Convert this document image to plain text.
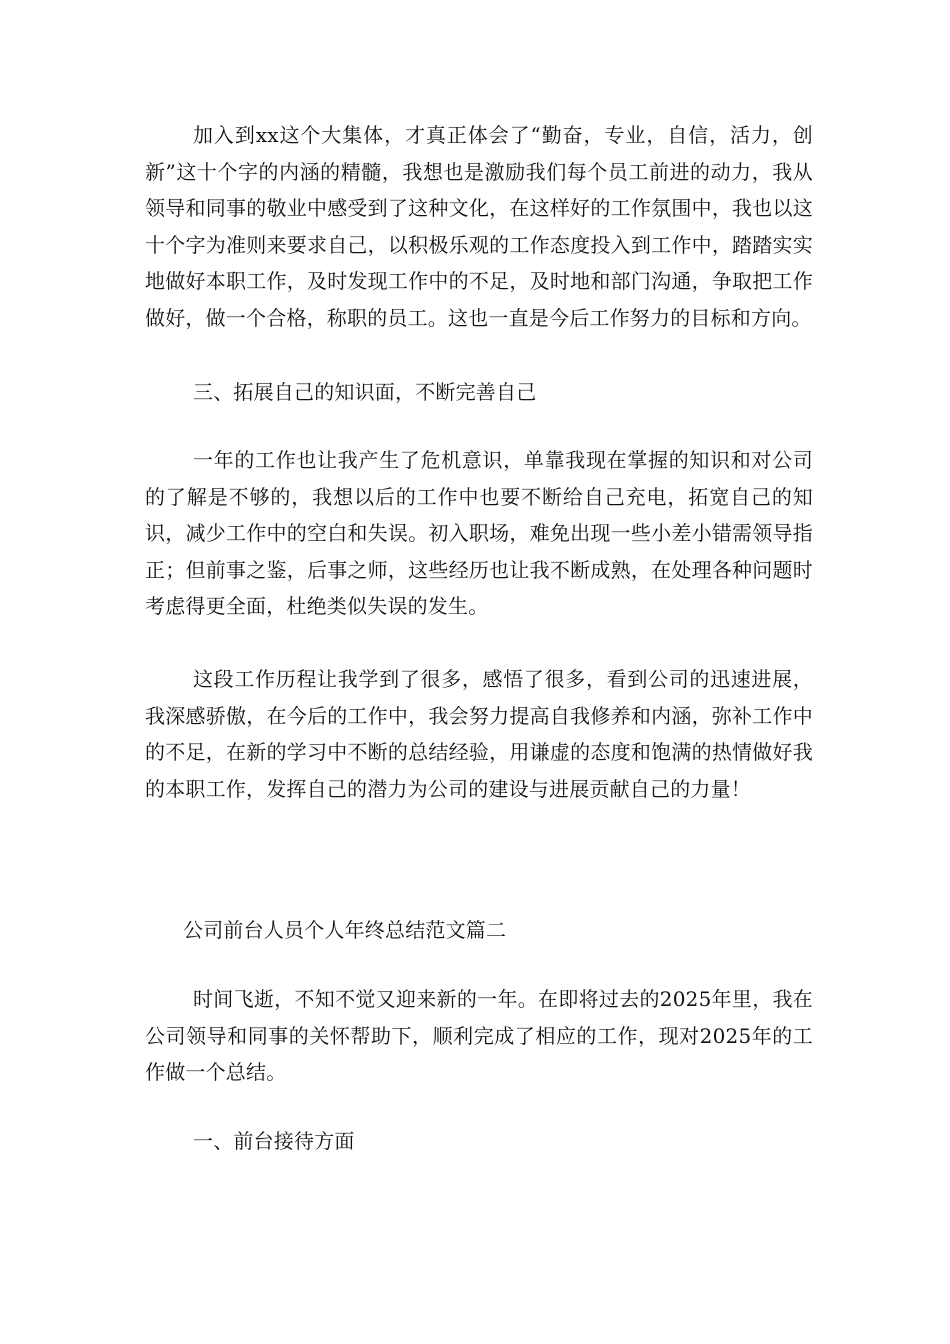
加入到xx这个大集体，才真正体会了“勤奋，专业，自信，活力，创新”这十个字的内涵的精髓，我想也是激励我们每个员工前进的动力，我从领导和同事的敬业中感受到了这种文化，在这样好的工作氛围中，我也以这十个字为准则来要求自己，以积极乐观的工作态度投入到工作中，踏踏实实地做好本职工作，及时发现工作中的不足，及时地和部门沟通，争取把工作做好，做一个合格，称职的员工。这也一直是今后工作努力的目标和方向。

三、拓展自己的知识面，不断完善自己

一年的工作也让我产生了危机意识，单靠我现在掌握的知识和对公司的了解是不够的，我想以后的工作中也要不断给自己充电，拓宽自己的知识，减少工作中的空白和失误。初入职场，难免出现一些小差小错需领导指正；但前事之鉴，后事之师，这些经历也让我不断成熟，在处理各种问题时考虑得更全面，杜绝类似失误的发生。

这段工作历程让我学到了很多，感悟了很多，看到公司的迅速进展，我深感骄傲，在今后的工作中，我会努力提高自我修养和内涵，弥补工作中的不足，在新的学习中不断的总结经验，用谦虚的态度和饱满的热情做好我的本职工作，发挥自己的潜力为公司的建设与进展贡献自己的力量！

公司前台人员个人年终总结范文篇二

时间飞逝，不知不觉又迎来新的一年。在即将过去的2025年里，我在公司领导和同事的关怀帮助下，顺利完成了相应的工作，现对2025年的工作做一个总结。

一、前台接待方面
